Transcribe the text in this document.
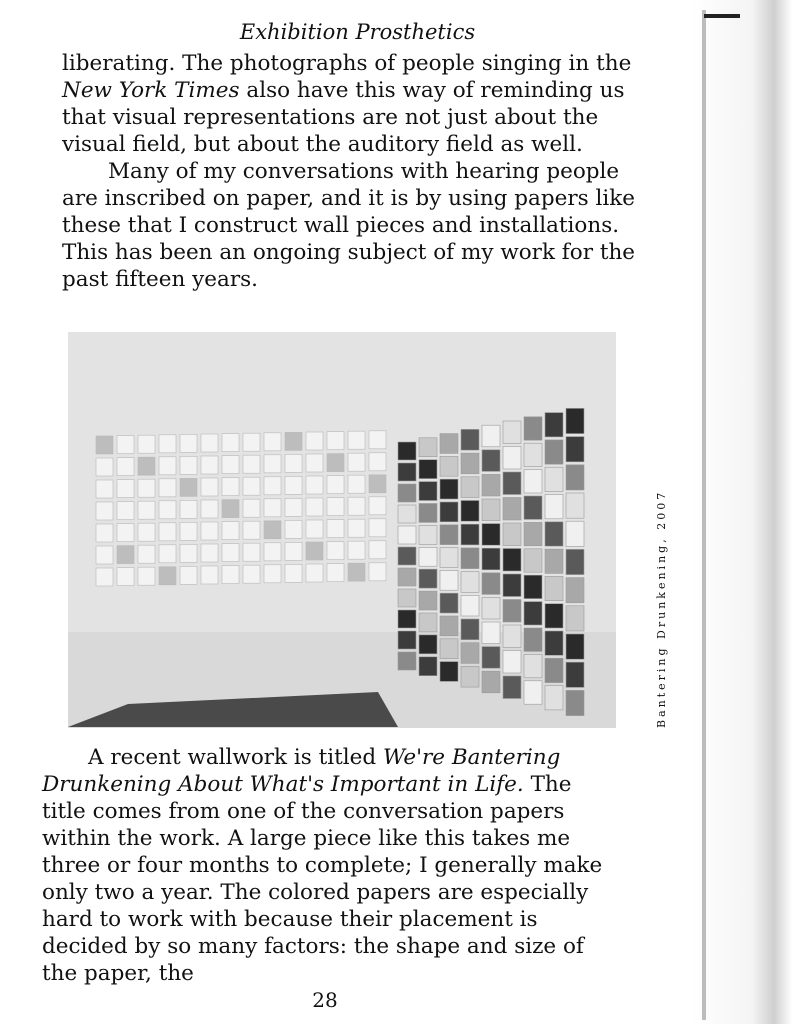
Exhibition Prosthetics

liberating. The photographs of people singing in the New York Times also have this way of reminding us that visual representations are not just about the visual field, but about the auditory field as well.

Many of my conversations with hearing people are inscribed on paper, and it is by using papers like these that I construct wall pieces and installations. This has been an ongoing subject of my work for the past fifteen years.

Bantering Drunkening, 2007

A recent wallwork is titled We're Bantering Drunkening About What's Important in Life. The title comes from one of the conversation papers within the work. A large piece like this takes me three or four months to complete; I generally make only two a year. The colored papers are especially hard to work with because their placement is decided by so many factors: the shape and size of the paper, the

28
